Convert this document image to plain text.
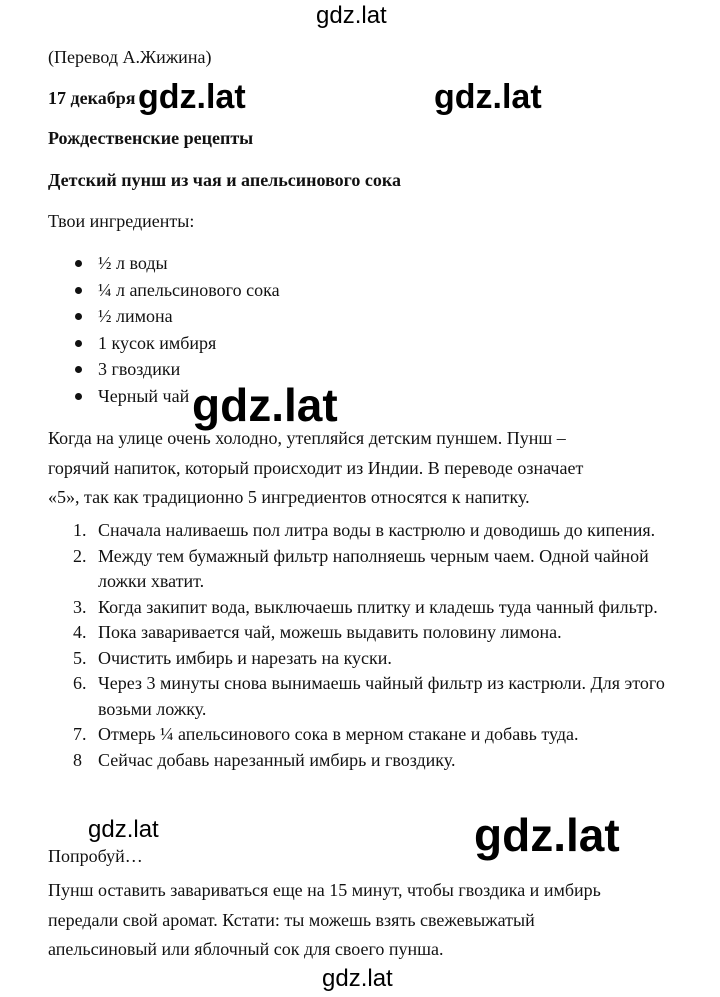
(Перевод А.Жижина)
17 декабря
Рождественские рецепты
Детский пунш из чая и апельсинового сока
Твои ингредиенты:
½ л воды
¼ л апельсинового сока
½ лимона
1 кусок имбиря
3 гвоздики
Черный чай
Когда на улице очень холодно, утепляйся детским пуншем. Пунш –
горячий напиток, который происходит из Индии. В переводе означает
«5», так как традиционно 5 ингредиентов относятся к напитку.
1. Сначала наливаешь пол литра воды в кастрюлю и доводишь до кипения.
2. Между тем бумажный фильтр наполняешь черным чаем. Одной чайной ложки хватит.
3. Когда закипит вода, выключаешь плитку и кладешь туда чанный фильтр.
4. Пока заваривается чай, можешь выдавить половину лимона.
5. Очистить имбирь и нарезать на куски.
6. Через 3 минуты снова вынимаешь чайный фильтр из кастрюли. Для этого возьми ложку.
7. Отмерь ¼ апельсинового сока в мерном стакане и добавь туда.
8 Сейчас добавь нарезанный имбирь и гвоздику.
Попробуй…
Пунш оставить завариваться еще на 15 минут, чтобы гвоздика и имбирь
передали свой аромат. Кстати: ты можешь взять свежевыжатый
апельсиновый или яблочный сок для своего пунша.
gdz.lat
gdz.lat	gdz.lat
gdz.lat
gdz.lat	gdz.lat
gdz.lat
